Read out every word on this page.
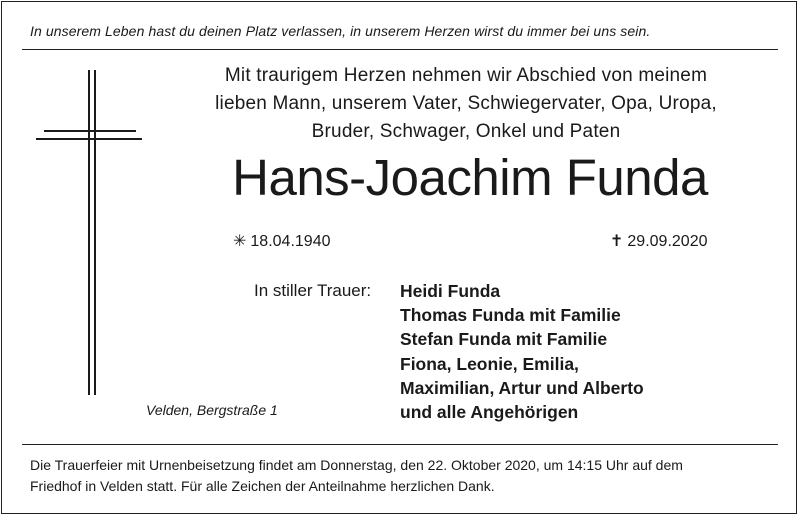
In unserem Leben hast du deinen Platz verlassen, in unserem Herzen wirst du immer bei uns sein.
Mit traurigem Herzen nehmen wir Abschied von meinem
lieben Mann, unserem Vater, Schwiegervater, Opa, Uropa,
Bruder, Schwager, Onkel und Paten
Hans-Joachim Funda
✳ 18.04.1940	✝ 29.09.2020
In stiller Trauer: Heidi Funda
Thomas Funda mit Familie
Stefan Funda mit Familie
Fiona, Leonie, Emilia,
Maximilian, Artur und Alberto
und alle Angehörigen
Velden, Bergstraße 1
Die Trauerfeier mit Urnenbeisetzung findet am Donnerstag, den 22. Oktober 2020, um 14:15 Uhr auf dem
Friedhof in Velden statt. Für alle Zeichen der Anteilnahme herzlichen Dank.
